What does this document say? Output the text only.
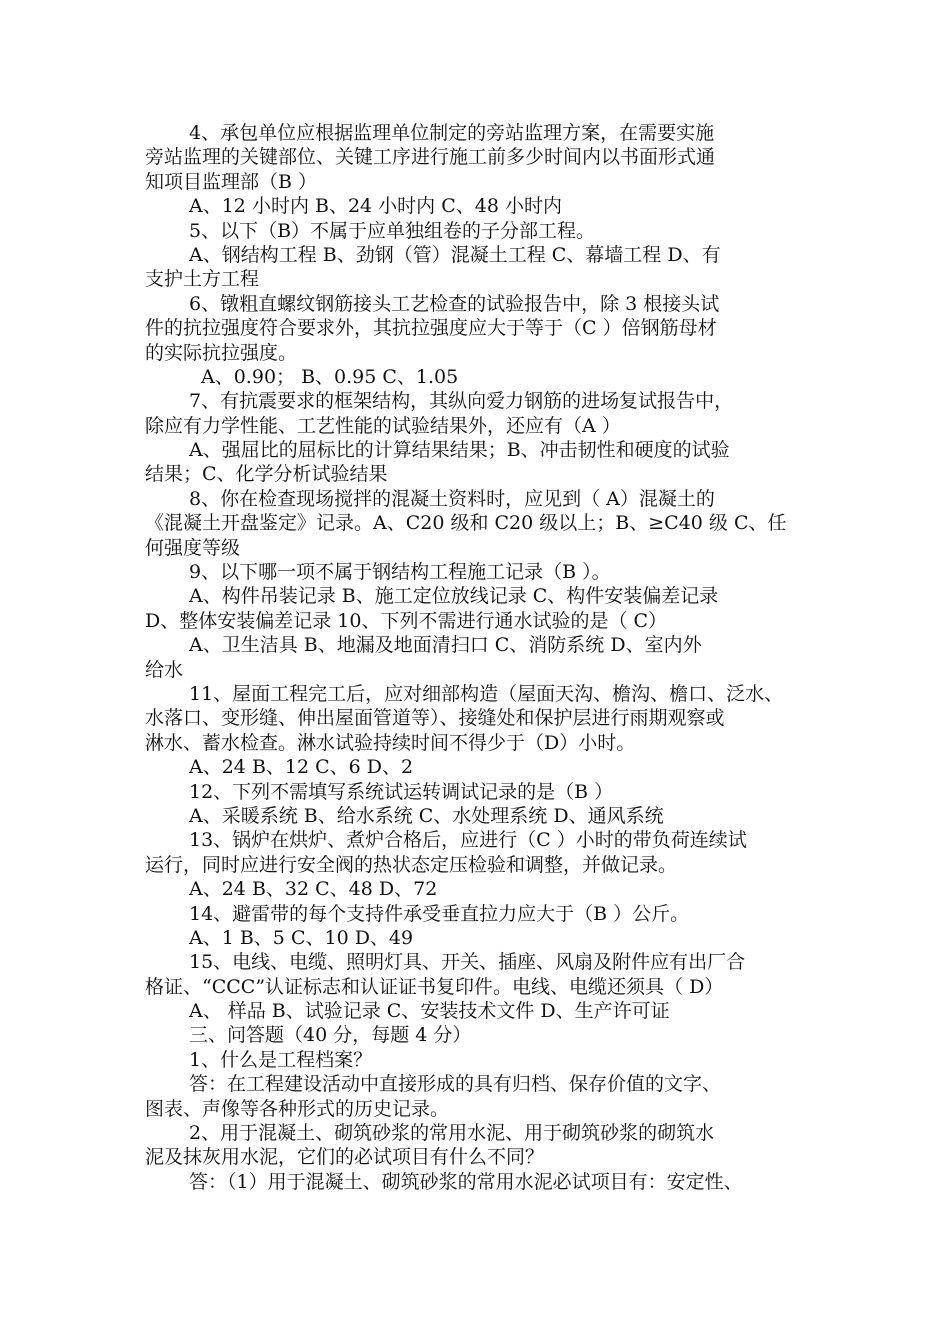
4、承包单位应根据监理单位制定的旁站监理方案，在需要实施
旁站监理的关键部位、关键工序进行施工前多少时间内以书面形式通
知项目监理部（B ）
A、12 小时内 B、24 小时内 C、48 小时内
5、以下（B）不属于应单独组卷的子分部工程。
A、钢结构工程 B、劲钢（管）混凝土工程 C、幕墙工程 D、有
支护土方工程
6、镦粗直螺纹钢筋接头工艺检查的试验报告中，除 3 根接头试
件的抗拉强度符合要求外，其抗拉强度应大于等于（C ）倍钢筋母材
的实际抗拉强度。
A、0.90； B、0.95 C、1.05
7、有抗震要求的框架结构，其纵向爱力钢筋的进场复试报告中，
除应有力学性能、工艺性能的试验结果外，还应有（A ）
A、强屈比的屈标比的计算结果结果；B、冲击韧性和硬度的试验
结果；C、化学分析试验结果
8、你在检查现场搅拌的混凝土资料时，应见到（ A）混凝土的
《混凝土开盘鉴定》记录。A、C20 级和 C20 级以上；B、≥C40 级 C、任
何强度等级
9、以下哪一项不属于钢结构工程施工记录（B ）。
A、构件吊装记录 B、施工定位放线记录 C、构件安装偏差记录
D、整体安装偏差记录 10、下列不需进行通水试验的是（ C）
A、卫生洁具 B、地漏及地面清扫口 C、消防系统 D、室内外
给水
11、屋面工程完工后，应对细部构造（屋面天沟、檐沟、檐口、泛水、
水落口、变形缝、伸出屋面管道等）、接缝处和保护层进行雨期观察或
淋水、蓄水检查。淋水试验持续时间不得少于（D）小时。
A、24 B、12 C、6 D、2
12、下列不需填写系统试运转调试记录的是（B ）
A、采暖系统 B、给水系统 C、水处理系统 D、通风系统
13、锅炉在烘炉、煮炉合格后，应进行（C ）小时的带负荷连续试
运行，同时应进行安全阀的热状态定压检验和调整，并做记录。
A、24 B、32 C、48 D、72
14、避雷带的每个支持件承受垂直拉力应大于（B ）公斤。
A、1 B、5 C、10 D、49
15、电线、电缆、照明灯具、开关、插座、风扇及附件应有出厂合
格证、“CCC”认证标志和认证证书复印件。电线、电缆还须具（ D）
A、 样品 B、试验记录 C、安装技术文件 D、生产许可证
三、问答题（40 分，每题 4 分）
1、什么是工程档案？
答：在工程建设活动中直接形成的具有归档、保存价值的文字、
图表、声像等各种形式的历史记录。
2、用于混凝土、砌筑砂浆的常用水泥、用于砌筑砂浆的砌筑水
泥及抹灰用水泥，它们的必试项目有什么不同？
答：（1）用于混凝土、砌筑砂浆的常用水泥必试项目有：安定性、
